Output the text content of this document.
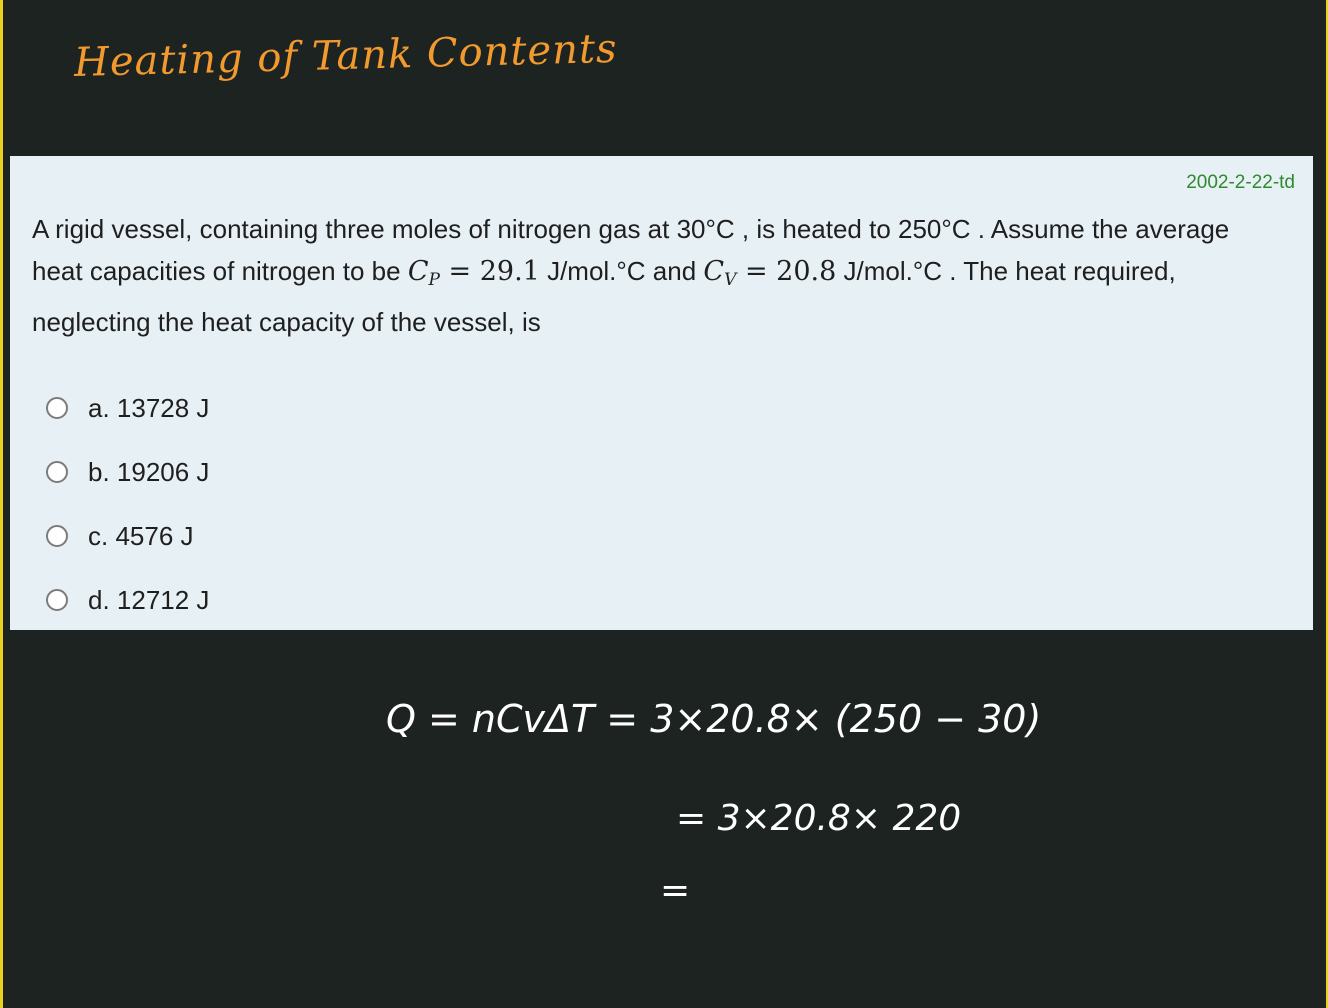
Heating of Tank Contents
2002-2-22-td
A rigid vessel, containing three moles of nitrogen gas at 30°C , is heated to 250°C . Assume the average heat capacities of nitrogen to be $C_P = 29.1$ J/mol.°C and $C_V = 20.8$ J/mol.°C . The heat required, neglecting the heat capacity of the vessel, is
a. 13728 J
b. 19206 J
c. 4576 J
d. 12712 J
Q = nCvΔT = 3×20.8× (250 − 30)
= 3×20.8× 220
=
